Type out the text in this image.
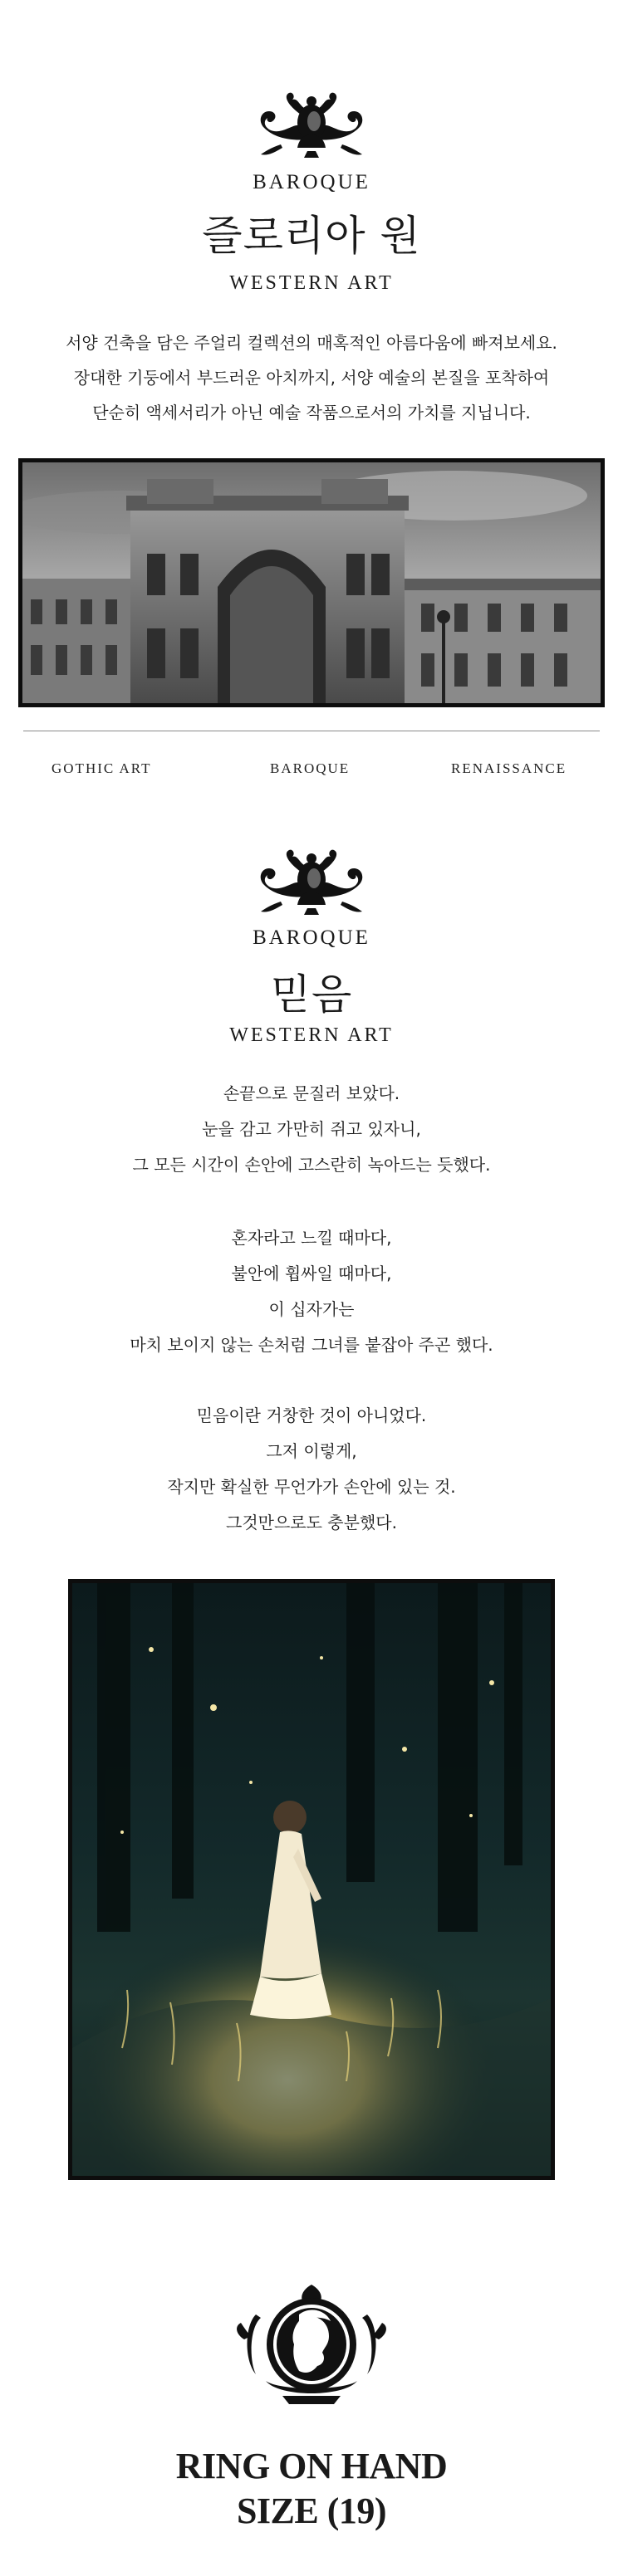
BAROQUE
즐로리아 원
WESTERN ART
서양 건축을 담은 주얼리 컬렉션의 매혹적인 아름다움에 빠져보세요.
장대한 기둥에서 부드러운 아치까지, 서양 예술의 본질을 포착하여
단순히 액세서리가 아닌 예술 작품으로서의 가치를 지닙니다.
GOTHIC ART	BAROQUE	RENAISSANCE
BAROQUE
믿음
WESTERN ART
손끝으로 문질러 보았다.
눈을 감고 가만히 쥐고 있자니,
그 모든 시간이 손안에 고스란히 녹아드는 듯했다.
혼자라고 느낄 때마다,
불안에 휩싸일 때마다,
이 십자가는
마치 보이지 않는 손처럼 그녀를 붙잡아 주곤 했다.
믿음이란 거창한 것이 아니었다.
그저 이렇게,
작지만 확실한 무언가가 손안에 있는 것.
그것만으로도 충분했다.
RING ON HAND
SIZE (19)
